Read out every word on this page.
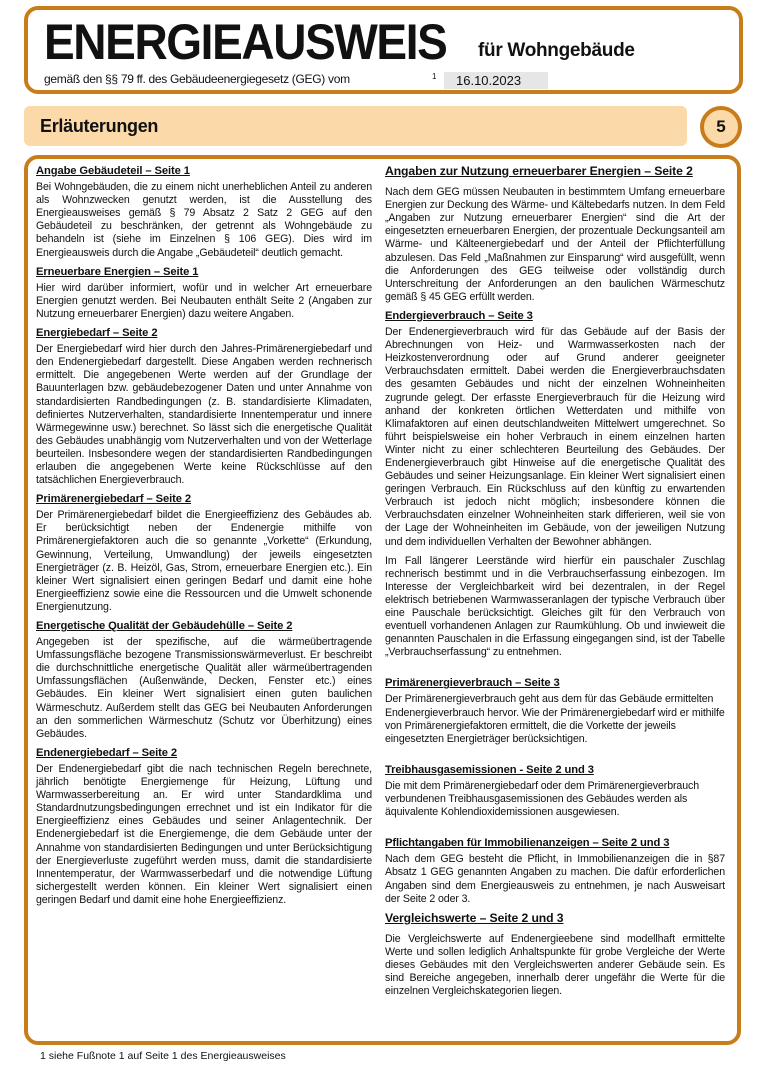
ENERGIEAUSWEIS	für Wohngebäude
gemäß den §§ 79 ff. des Gebäudeenergiegesetz (GEG) vom	1	16.10.2023
Erläuterungen	5

Angabe Gebäudeteil – Seite 1

Bei Wohngebäuden, die zu einem nicht unerheblichen Anteil zu anderen als Wohnzwecken genutzt werden, ist die Ausstellung des Energieausweises gemäß § 79 Absatz 2 Satz 2 GEG auf den Gebäudeteil zu beschränken, der getrennt als Wohngebäude zu behandeln ist (siehe im Einzelnen § 106 GEG). Dies wird im Energieausweis durch die Angabe „Gebäudeteil“ deutlich gemacht.

Erneuerbare Energien – Seite 1

Hier wird darüber informiert, wofür und in welcher Art erneuerbare Energien genutzt werden. Bei Neubauten enthält Seite 2 (Angaben zur Nutzung erneuerbarer Energien) dazu weitere Angaben.

Energiebedarf – Seite 2

Der Energiebedarf wird hier durch den Jahres-Primärenergiebedarf und den Endenergiebedarf dargestellt. Diese Angaben werden rechnerisch ermittelt. Die angegebenen Werte werden auf der Grundlage der Bauunterlagen bzw. gebäudebezogener Daten und unter Annahme von standardisierten Randbedingungen (z. B. standardisierte Klimadaten, definiertes Nutzerverhalten, standardisierte Innentemperatur und innere Wärmegewinne usw.) berechnet. So lässt sich die energetische Qualität des Gebäudes unabhängig vom Nutzerverhalten und von der Wetterlage beurteilen. Insbesondere wegen der standardisierten Randbedingungen erlauben die angegebenen Werte keine Rückschlüsse auf den tatsächlichen Energieverbrauch.

Primärenergiebedarf – Seite 2

Der Primärenergiebedarf bildet die Energieeffizienz des Gebäudes ab. Er berücksichtigt neben der Endenergie mithilfe von Primärenergiefaktoren auch die so genannte „Vorkette“ (Erkundung, Gewinnung, Verteilung, Umwandlung) der jeweils eingesetzten Energieträger (z. B. Heizöl, Gas, Strom, erneuerbare Energien etc.). Ein kleiner Wert signalisiert einen geringen Bedarf und damit eine hohe Energieeffizienz sowie eine die Ressourcen und die Umwelt schonende Energienutzung.

Energetische Qualität der Gebäudehülle – Seite 2

Angegeben ist der spezifische, auf die wärmeübertragende Umfassungsfläche bezogene Transmissionswärmeverlust. Er beschreibt die durchschnittliche energetische Qualität aller wärmeübertragenden Umfassungsflächen (Außenwände, Decken, Fenster etc.) eines Gebäudes. Ein kleiner Wert signalisiert einen guten baulichen Wärmeschutz. Außerdem stellt das GEG bei Neubauten Anforderungen an den sommerlichen Wärmeschutz (Schutz vor Überhitzung) eines Gebäudes.

Endenergiebedarf – Seite 2

Der Endenergiebedarf gibt die nach technischen Regeln berechnete, jährlich benötigte Energiemenge für Heizung, Lüftung und Warmwasserbereitung an. Er wird unter Standardklima und Standardnutzungsbedingungen errechnet und ist ein Indikator für die Energieeffizienz eines Gebäudes und seiner Anlagentechnik. Der Endenergiebedarf ist die Energiemenge, die dem Gebäude unter der Annahme von standardisierten Bedingungen und unter Berücksichtigung der Energieverluste zugeführt werden muss, damit die standardisierte Innentemperatur, der Warmwasserbedarf und die notwendige Lüftung sichergestellt werden können. Ein kleiner Wert signalisiert einen geringen Bedarf und damit eine hohe Energieeffizienz.

Angaben zur Nutzung erneuerbarer Energien – Seite 2

Nach dem GEG müssen Neubauten in bestimmtem Umfang erneuerbare Energien zur Deckung des Wärme- und Kältebedarfs nutzen. In dem Feld „Angaben zur Nutzung erneuerbarer Energien“ sind die Art der eingesetzten erneuerbaren Energien, der prozentuale Deckungsanteil am Wärme- und Kälteenergiebedarf und der Anteil der Pflichterfüllung abzulesen. Das Feld „Maßnahmen zur Einsparung“ wird ausgefüllt, wenn die Anforderungen des GEG teilweise oder vollständig durch Unterschreitung der Anforderungen an den baulichen Wärmeschutz gemäß § 45 GEG erfüllt werden.

Endergieverbrauch – Seite 3

Der Endenergieverbrauch wird für das Gebäude auf der Basis der Abrechnungen von Heiz- und Warmwasserkosten nach der Heizkostenverordnung oder auf Grund anderer geeigneter Verbrauchsdaten ermittelt. Dabei werden die Energieverbrauchsdaten des gesamten Gebäudes und nicht der einzelnen Wohneinheiten zugrunde gelegt. Der erfasste Energieverbrauch für die Heizung wird anhand der konkreten örtlichen Wetterdaten und mithilfe von Klimafaktoren auf einen deutschlandweiten Mittelwert umgerechnet. So führt beispielsweise ein hoher Verbrauch in einem einzelnen harten Winter nicht zu einer schlechteren Beurteilung des Gebäudes. Der Endenergieverbrauch gibt Hinweise auf die energetische Qualität des Gebäudes und seiner Heizungsanlage. Ein kleiner Wert signalisiert einen geringen Verbrauch. Ein Rückschluss auf den künftig zu erwartenden Verbrauch ist jedoch nicht möglich; insbesondere können die Verbrauchsdaten einzelner Wohneinheiten stark differieren, weil sie von der Lage der Wohneinheiten im Gebäude, von der jeweiligen Nutzung und dem individuellen Verhalten der Bewohner abhängen.

Im Fall längerer Leerstände wird hierfür ein pauschaler Zuschlag rechnerisch bestimmt und in die Verbrauchserfassung einbezogen. Im Interesse der Vergleichbarkeit wird bei dezentralen, in der Regel elektrisch betriebenen Warmwasseranlagen der typische Verbrauch über eine Pauschale berücksichtigt. Gleiches gilt für den Verbrauch von eventuell vorhandenen Anlagen zur Raumkühlung. Ob und inwieweit die genannten Pauschalen in die Erfassung eingegangen sind, ist der Tabelle „Verbrauchserfassung“ zu entnehmen.

Primärenergieverbrauch – Seite 3

Der Primärenergieverbrauch geht aus dem für das Gebäude ermittelten Endenergieverbrauch hervor. Wie der Primärenergiebedarf wird er mithilfe von Primärenergiefaktoren ermittelt, die die Vorkette der jeweils eingesetzten Energieträger berücksichtigen.

Treibhausgasemissionen - Seite 2 und 3

Die mit dem Primärenergiebedarf oder dem Primärenergieverbrauch verbundenen Treibhausgasemissionen des Gebäudes werden als äquivalente Kohlendioxidemissionen ausgewiesen.

Pflichtangaben für Immobilienanzeigen – Seite 2 und 3

Nach dem GEG besteht die Pflicht, in Immobilienanzeigen die in §87 Absatz 1 GEG genannten Angaben zu machen. Die dafür erforderlichen Angaben sind dem Energieausweis zu entnehmen, je nach Ausweisart der Seite 2 oder 3.

Vergleichswerte – Seite 2 und 3

Die Vergleichswerte auf Endenergieebene sind modellhaft ermittelte Werte und sollen lediglich Anhaltspunkte für grobe Vergleiche der Werte dieses Gebäudes mit den Vergleichswerten anderer Gebäude sein. Es sind Bereiche angegeben, innerhalb derer ungefähr die Werte für die einzelnen Vergleichskategorien liegen.

1 siehe Fußnote 1 auf Seite 1 des Energieausweises
